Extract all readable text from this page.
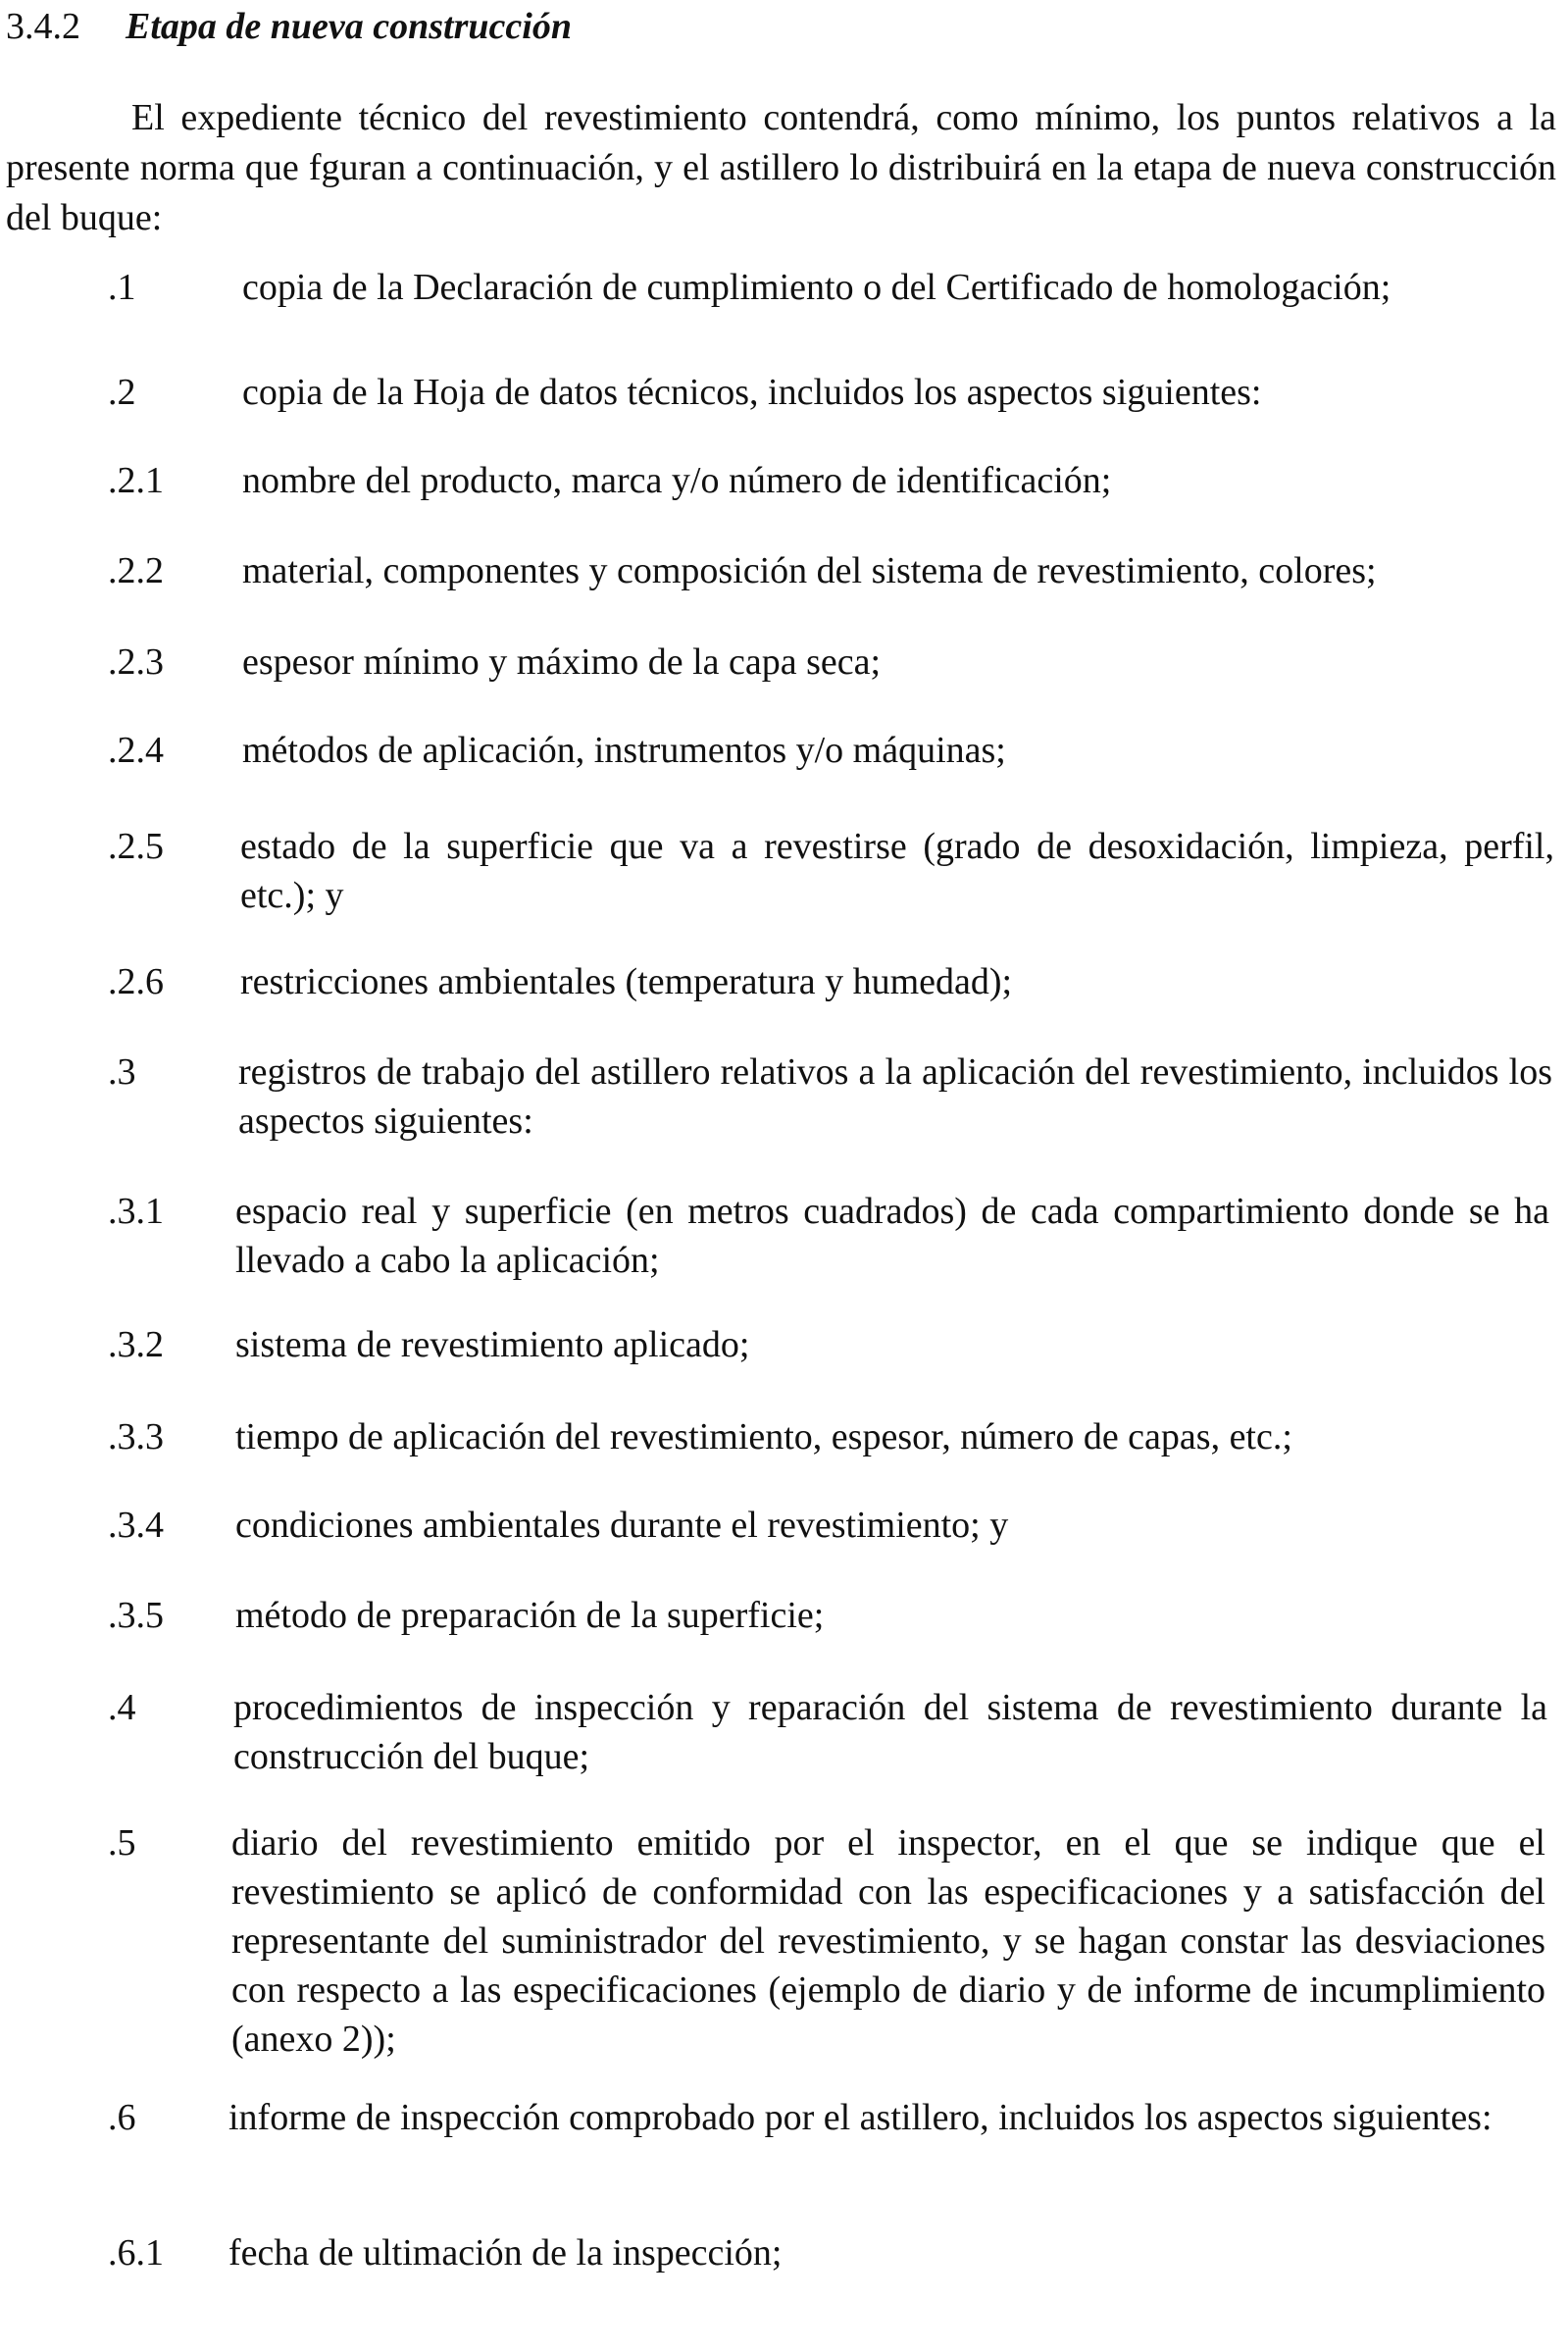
3.4.2 Etapa de nueva construcción

El expediente técnico del revestimiento contendrá, como mínimo, los puntos relativos a la presente norma que fguran a continuación, y el astillero lo distribuirá en la etapa de nueva construcción del buque:

.1	copia de la Declaración de cumplimiento o del Certificado de homologación;

.2	copia de la Hoja de datos técnicos, incluidos los aspectos siguientes:

.2.1 nombre del producto, marca y/o número de identificación;

.2.2 material, componentes y composición del sistema de revestimiento, colores;

.2.3 espesor mínimo y máximo de la capa seca;

.2.4 métodos de aplicación, instrumentos y/o máquinas;

.2.5 estado de la superficie que va a revestirse (grado de desoxidación, limpieza, perfil, etc.); y

.2.6 restricciones ambientales (temperatura y humedad);

.3	registros de trabajo del astillero relativos a la aplicación del revestimiento, incluidos los aspectos siguientes:

.3.1 espacio real y superficie (en metros cuadrados) de cada compartimiento donde se ha llevado a cabo la aplicación;

.3.2 sistema de revestimiento aplicado;

.3.3 tiempo de aplicación del revestimiento, espesor, número de capas, etc.;

.3.4 condiciones ambientales durante el revestimiento; y

.3.5 método de preparación de la superficie;

.4	procedimientos de inspección y reparación del sistema de revestimiento durante la construcción del buque;

.5	diario del revestimiento emitido por el inspector, en el que se indique que el revestimiento se aplicó de conformidad con las especificaciones y a satisfacción del representante del suministrador del revestimiento, y se hagan constar las desviaciones con respecto a las especificaciones (ejemplo de diario y de informe de incumplimiento (anexo 2));

.6 informe de inspección comprobado por el astillero, incluidos los aspectos siguientes:

.6.1 fecha de ultimación de la inspección;
